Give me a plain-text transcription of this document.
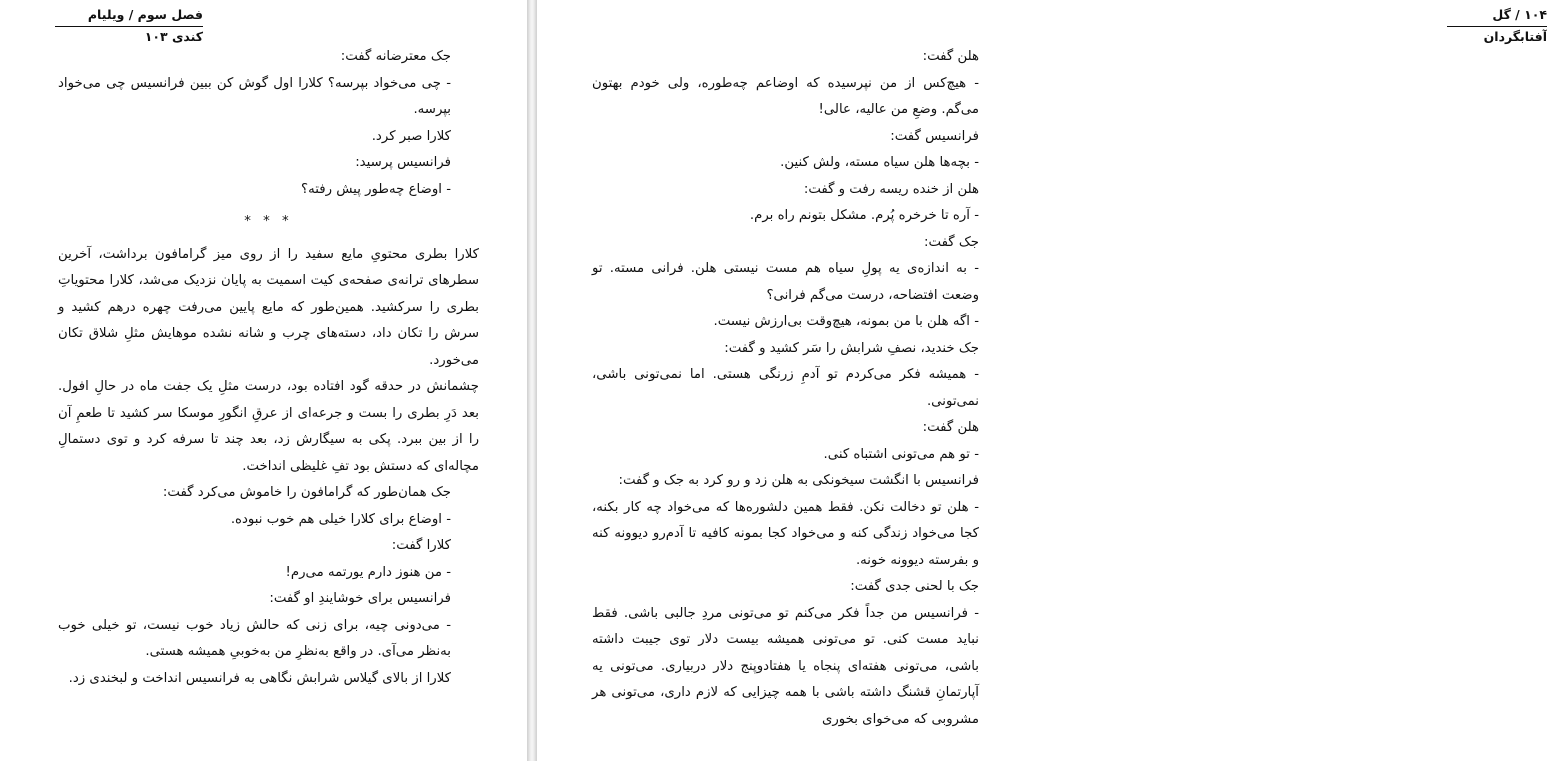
فصل سوم / ویلیام کندی ۱۰۳

جک معترضانه گفت:

- چی می‌خواد بپرسه؟ کلارا اول گوش کن ببین فرانسیس چی می‌خواد بپرسه.

کلارا صبر کرد.

فرانسیس پرسید:

- اوضاع چه‌طور پیش رفته؟

* * *

کلارا بطری محتویِ مایع سفید را از روی میز گرامافون برداشت، آخرین سطرهای ترانه‌ی صفحه‌ی کیت اسمیت به پایان نزدیک می‌شد، کلارا محتویاتِ بطری را سرکشید. همین‌طور که مایع پایین می‌رفت چهره درهم کشید و سرش را تکان داد، دسته‌های چرب و شانه نشده موهایش مثلِ شلاق تکان می‌خورد.

چشمانش در حدقه گود افتاده بود، درست مثلِ یک جفت ماه در حالِ افول. بعد دَرِ بطری را بست و جرعه‌ای از عرقِ انگورِ موسکا سر کشید تا طعمِ آن را از بین ببرد. پکی به سیگارش زد، بعد چند تا سرفه کرد و توی دستمالِ مچاله‌ای که دستش بود تفِ غلیظی انداخت.

جک همان‌طور که گرامافون را خاموش می‌کرد گفت:

- اوضاع برای کلارا خیلی هم خوب نبوده.

کلارا گفت:

- من هنوز دارم یورتمه می‌رم!

فرانسیس برای خوشایندِ او گفت:

- می‌دونی چیه، برای زنی که حالش زیاد خوب نیست، تو خیلی خوب به‌نظر می‌آی. در واقع به‌نظرِ من به‌خوبیِ همیشه هستی.

کلارا از بالای گیلاس شرابش نگاهی به فرانسیس انداخت و لبخندی زد.

۱۰۴ / گل آفتابگردان

هلن گفت:

- هیچ‌کس از من نپرسیده که اوضاعم چه‌طوره، ولی خودم بهتون می‌گم. وضعِ من عالیه، عالی!

فرانسیس گفت:

- بچه‌ها هلن سیاه مسته، ولش کنین.

هلن از خنده ریسه رفت و گفت:

- آره تا خرخره پُرم. مشکل بتونم راه برم.

جک گفت:

- به اندازه‌ی یه پولِ سیاه هم مست نیستی هلن. فرانی مسته. تو وضعت افتضاحه، درست می‌گم فرانی؟

- اگه هلن با من بمونه، هیچ‌وقت بی‌ارزش نیست.

جک خندید، نصفِ شرابش را سَر کشید و گفت:

- همیشه فکر می‌کردم تو آدمِ زرنگی هستی. اما نمی‌تونی باشی، نمی‌تونی.

هلن گفت:

- تو هم می‌تونی اشتباه کنی.

فرانسیس با انگشت سیخونکی به هلن زد و رو کرد به جک و گفت:

- هلن تو دخالت نکن. فقط همین دلشوره‌ها که می‌خواد چه کار بکنه، کجا می‌خواد زندگی کنه و می‌خواد کجا بمونه کافیه تا آدم‌رو دیوونه کنه و بفرسته دیوونه خونه.

جک با لحنی جدی گفت:

- فرانسیس من جداً فکر می‌کنم تو می‌تونی مردِ جالبی باشی. فقط نباید مست کنی. تو می‌تونی همیشه بیست دلار توی جیبت داشته باشی، می‌تونی هفته‌ای پنجاه یا هفتادوپنج دلار دربیاری. می‌تونی یه آپارتمانِ قشنگ داشته باشی با همه چیزایی که لازم داری، می‌تونی هر مشروبی که می‌خوای بخوری
